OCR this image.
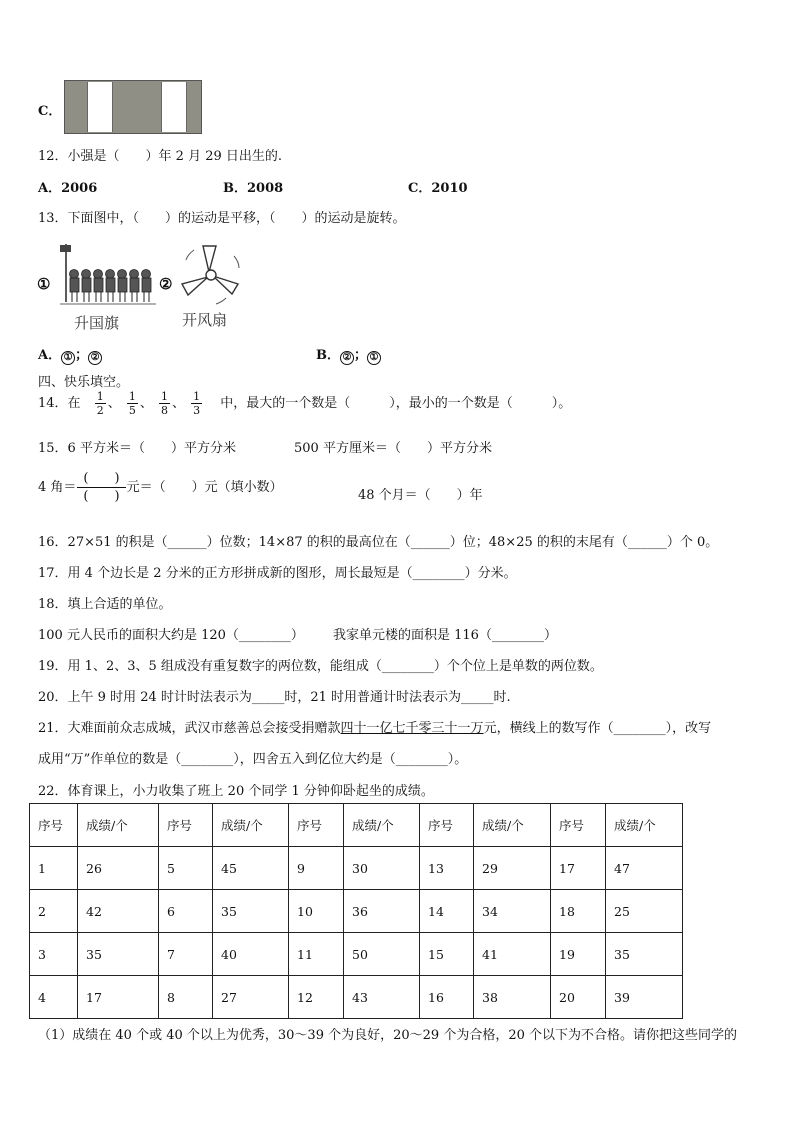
C．
12．小强是（　　）年 2 月 29 日出生的.
A．2006	B．2008	C．2010
13．下面图中，（　　）的运动是平移，（　　）的运动是旋转。
①
升国旗
②
开风扇
A． ① ； ②	B． ② ； ①
四、快乐填空。
14．在 $\frac{1}{2}$ 、 $\frac{1}{5}$ 、 $\frac{1}{8}$ 、 $\frac{1}{3}$ 中，最大的一个数是（　　　），最小的一个数是（　　　）。
15．6 平方米＝（　　）平方分米	500 平方厘米＝（　　）平方分米
4 角＝
(　　)
(　　)
元＝（　　）元（填小数）
48 个月＝（　　）年
16．27×51 的积是（______）位数；14×87 的积的最高位在（______）位；48×25 的积的末尾有（______）个 0。
17．用 4 个边长是 2 分米的正方形拼成新的图形，周长最短是（________）分米。
18．填上合适的单位。
100 元人民币的面积大约是 120（________） 我家单元楼的面积是 116（________）
19．用 1、2、3、5 组成没有重复数字的两位数，能组成（________）个个位上是单数的两位数。
20．上午 9 时用 24 时计时法表示为_____时，21 时用普通计时法表示为_____时.
21．大难面前众志成城，武汉市慈善总会接受捐赠款四十一亿七千零三十一万元，横线上的数写作（________），改写
成用“万”作单位的数是（________），四舍五入到亿位大约是（________）。
22．体育课上，小力收集了班上 20 个同学 1 分钟仰卧起坐的成绩。
序号	成绩/个	序号	成绩/个	序号	成绩/个	序号	成绩/个	序号	成绩/个
1	26	5	45	9	30	13	29	17	47
2	42	6	35	10	36	14	34	18	25
3	35	7	40	11	50	15	41	19	35
4	17	8	27	12	43	16	38	20	39
（1）成绩在 40 个或 40 个以上为优秀，30～39 个为良好，20～29 个为合格，20 个以下为不合格。请你把这些同学的
